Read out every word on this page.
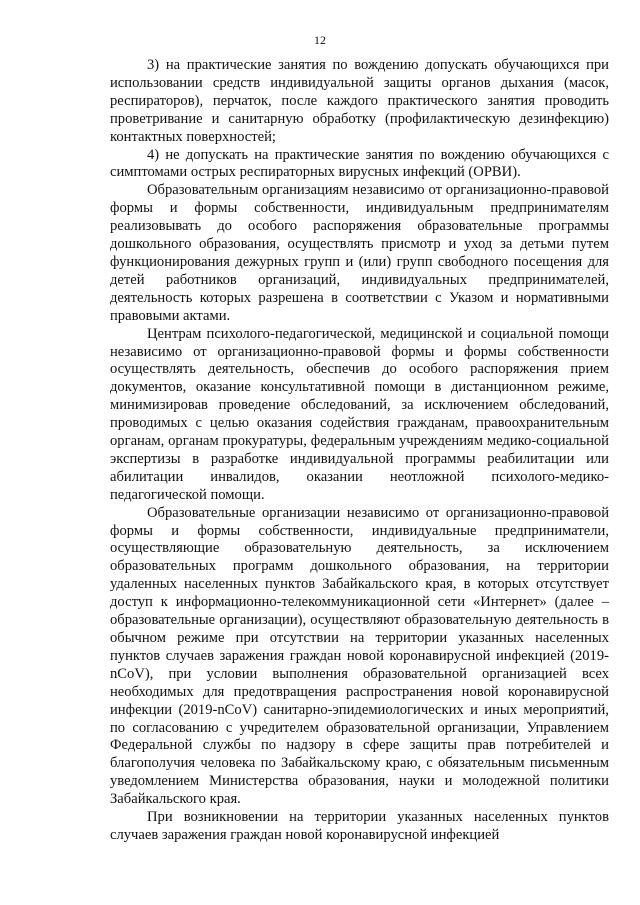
12

3) на практические занятия по вождению допускать обучающихся при использовании средств индивидуальной защиты органов дыхания (масок, респираторов), перчаток, после каждого практического занятия проводить проветривание и санитарную обработку (профилактическую дезинфекцию) контактных поверхностей;

4) не допускать на практические занятия по вождению обучающихся с симптомами острых респираторных вирусных инфекций (ОРВИ).

Образовательным организациям независимо от организационно-правовой формы и формы собственности, индивидуальным предпринимателям реализовывать до особого распоряжения образовательные программы дошкольного образования, осуществлять присмотр и уход за детьми путем функционирования дежурных групп и (или) групп свободного посещения для детей работников организаций, индивидуальных предпринимателей, деятельность которых разрешена в соответствии с Указом и нормативными правовыми актами.

Центрам психолого-педагогической, медицинской и социальной помощи независимо от организационно-правовой формы и формы собственности осуществлять деятельность, обеспечив до особого распоряжения прием документов, оказание консультативной помощи в дистанционном режиме, минимизировав проведение обследований, за исключением обследований, проводимых с целью оказания содействия гражданам, правоохранительным органам, органам прокуратуры, федеральным учреждениям медико-социальной экспертизы в разработке индивидуальной программы реабилитации или абилитации инвалидов, оказании неотложной психолого-медико-педагогической помощи.

Образовательные организации независимо от организационно-правовой формы и формы собственности, индивидуальные предприниматели, осуществляющие образовательную деятельность, за исключением образовательных программ дошкольного образования, на территории удаленных населенных пунктов Забайкальского края, в которых отсутствует доступ к информационно-телекоммуникационной сети «Интернет» (далее – образовательные организации), осуществляют образовательную деятельность в обычном режиме при отсутствии на территории указанных населенных пунктов случаев заражения граждан новой коронавирусной инфекцией (2019-nCoV), при условии выполнения образовательной организацией всех необходимых для предотвращения распространения новой коронавирусной инфекции (2019-nCoV) санитарно-эпидемиологических и иных мероприятий, по согласованию с учредителем образовательной организации, Управлением Федеральной службы по надзору в сфере защиты прав потребителей и благополучия человека по Забайкальскому краю, с обязательным письменным уведомлением Министерства образования, науки и молодежной политики Забайкальского края.

При возникновении на территории указанных населенных пунктов случаев заражения граждан новой коронавирусной инфекцией
